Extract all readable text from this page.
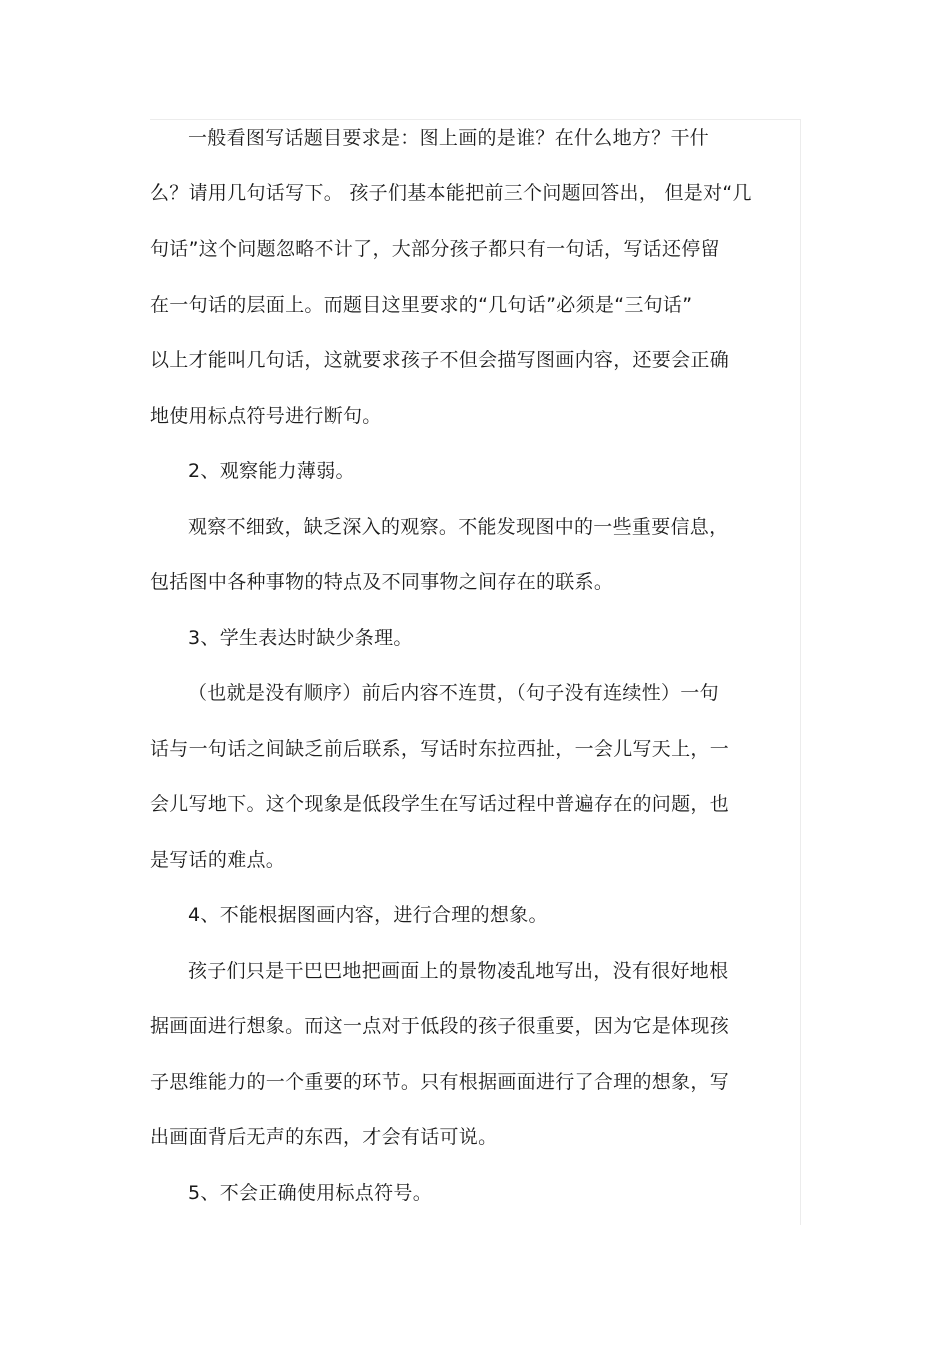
一般看图写话题目要求是：图上画的是谁？在什么地方？干什
么？请用几句话写下。 孩子们基本能把前三个问题回答出， 但是对“几
句话”这个问题忽略不计了，大部分孩子都只有一句话，写话还停留
在一句话的层面上。而题目这里要求的“几句话”必须是“三句话”
以上才能叫几句话，这就要求孩子不但会描写图画内容，还要会正确
地使用标点符号进行断句。
2、观察能力薄弱。
观察不细致，缺乏深入的观察。不能发现图中的一些重要信息，
包括图中各种事物的特点及不同事物之间存在的联系。
3、学生表达时缺少条理。
（也就是没有顺序）前后内容不连贯，（句子没有连续性）一句
话与一句话之间缺乏前后联系，写话时东拉西扯，一会儿写天上，一
会儿写地下。这个现象是低段学生在写话过程中普遍存在的问题，也
是写话的难点。
4、不能根据图画内容，进行合理的想象。
孩子们只是干巴巴地把画面上的景物凌乱地写出，没有很好地根
据画面进行想象。而这一点对于低段的孩子很重要，因为它是体现孩
子思维能力的一个重要的环节。只有根据画面进行了合理的想象，写
出画面背后无声的东西，才会有话可说。
5、不会正确使用标点符号。
